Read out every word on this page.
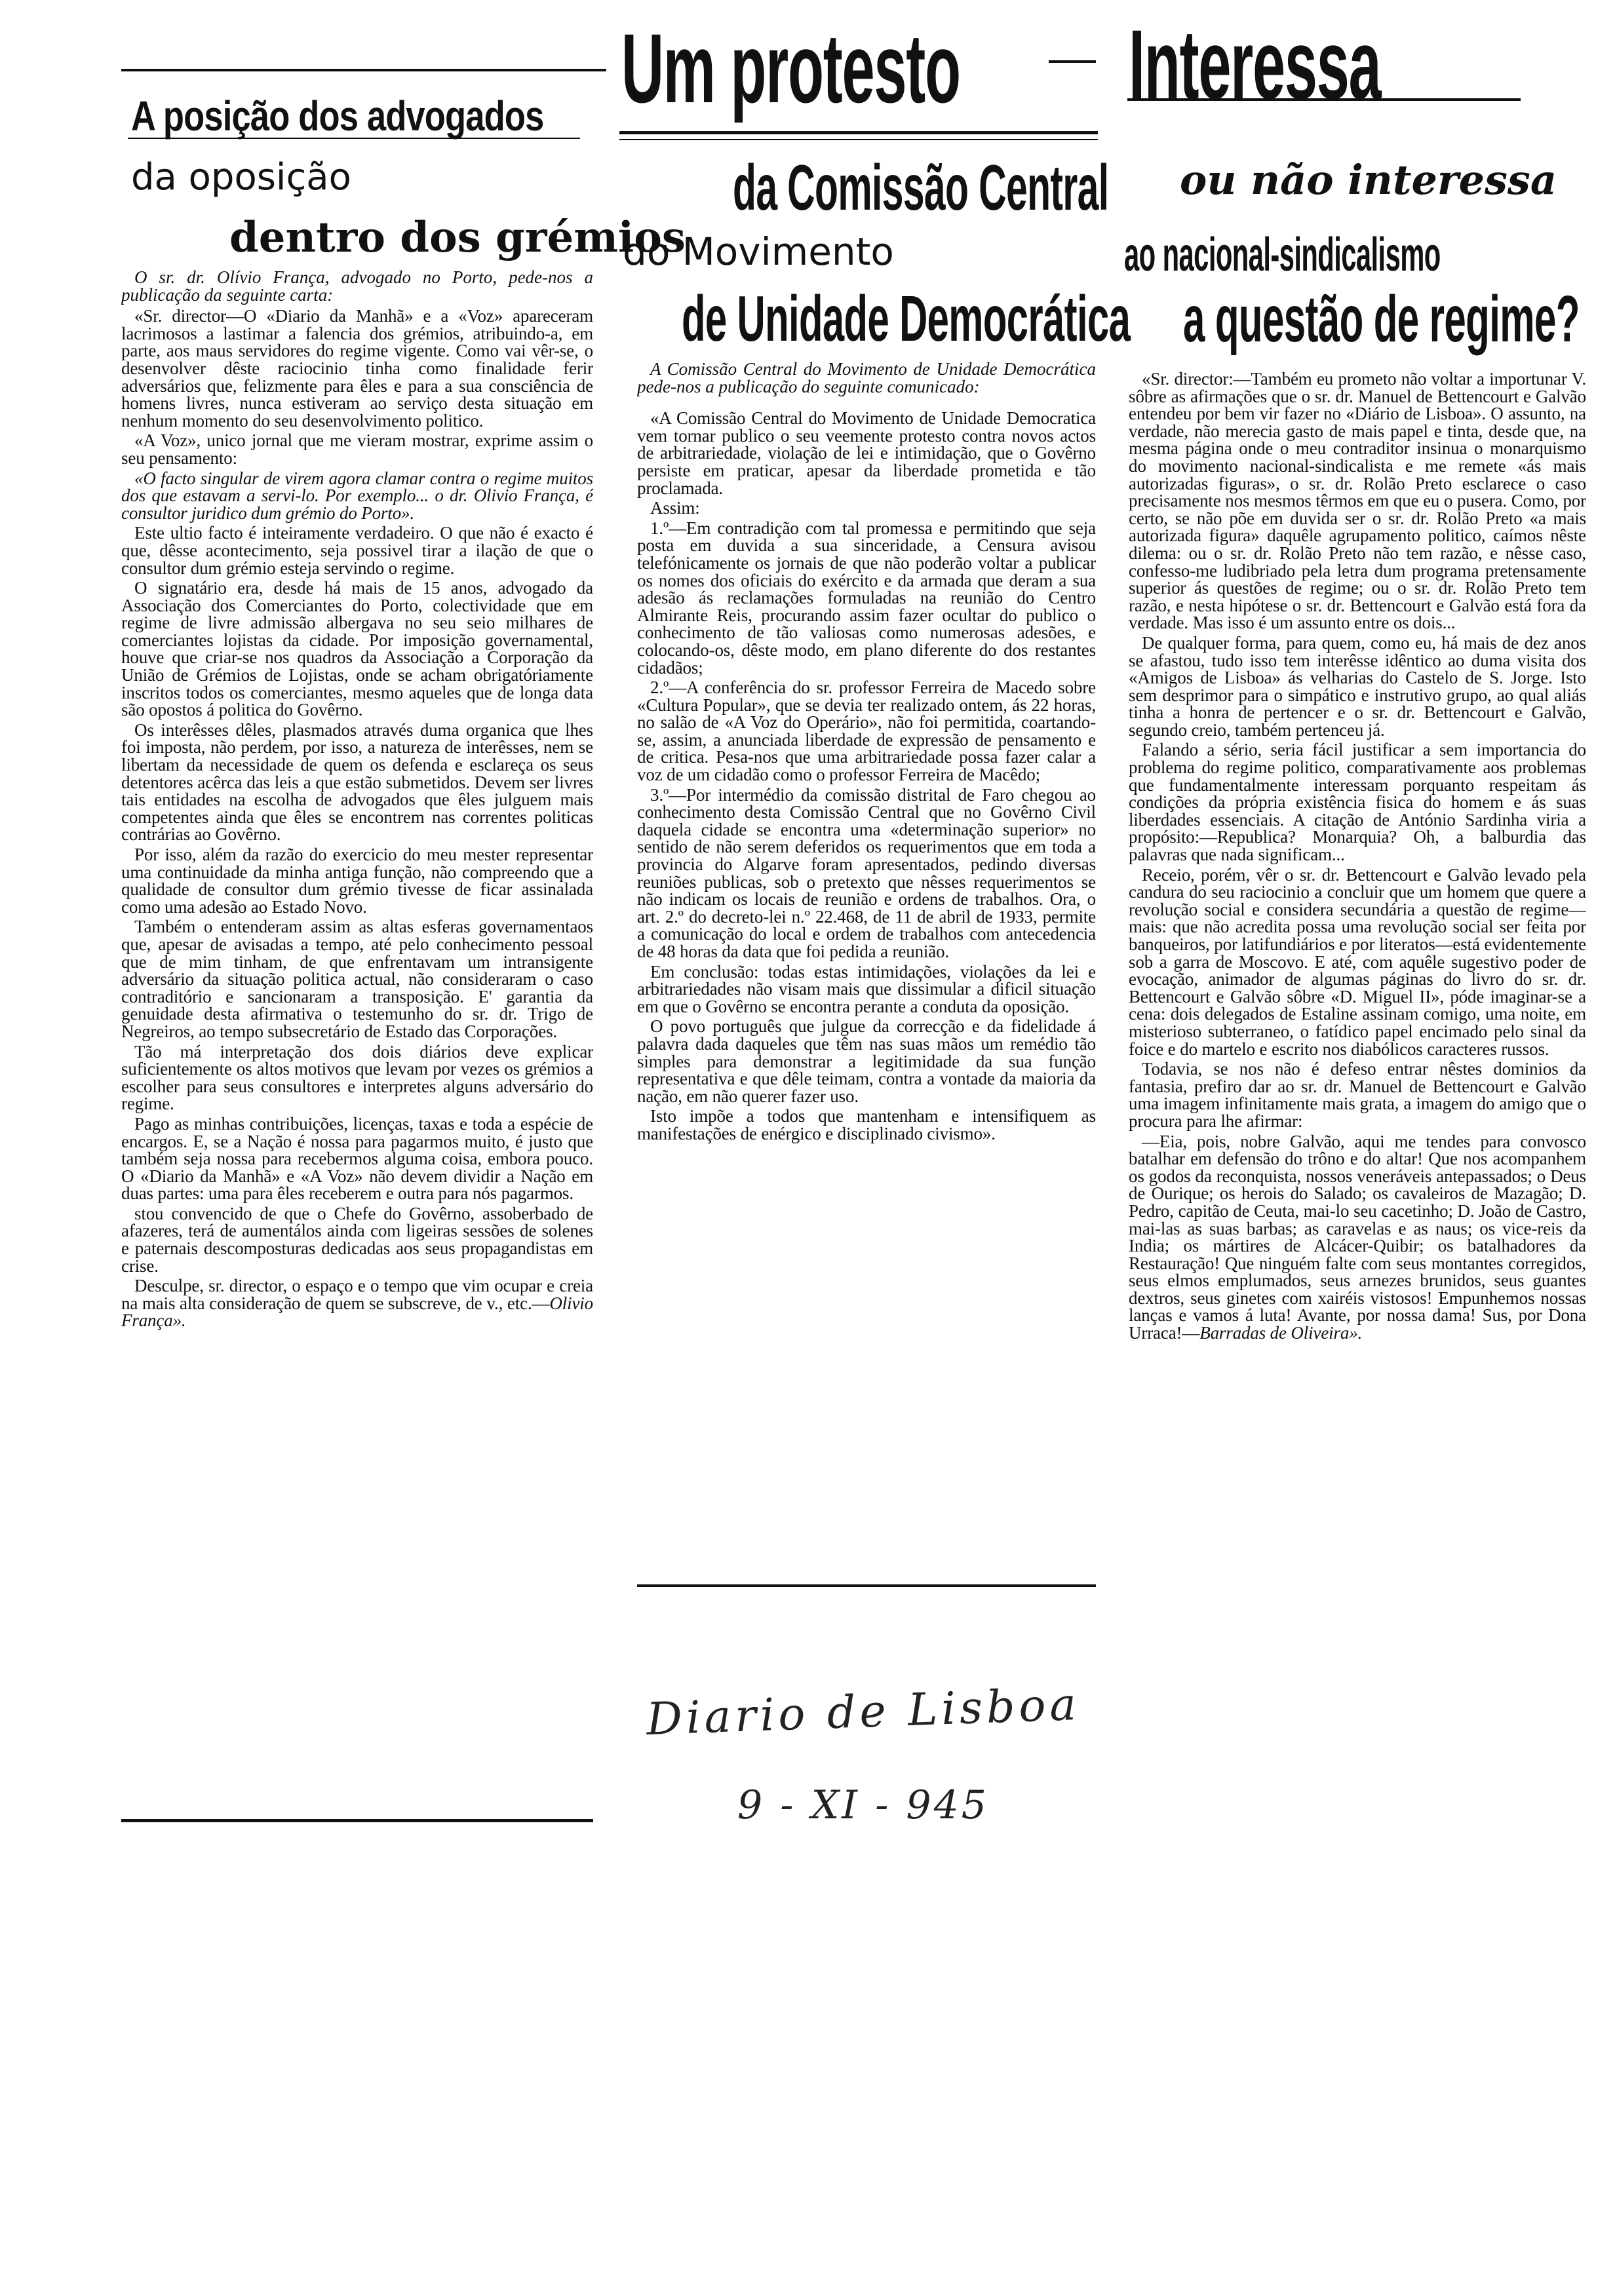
A posição dos advogados
da oposição
dentro dos grémios

O sr. dr. Olívio França, advogado no Porto, pede-nos a publicação da seguinte carta:

«Sr. director—O «Diario da Manhã» e a «Voz» apareceram lacrimosos a lastimar a falencia dos grémios, atribuindo-a, em parte, aos maus servidores do regime vigente. Como vai vêr-se, o desenvolver dêste raciocinio tinha como finalidade ferir adversários que, felizmente para êles e para a sua consciência de homens livres, nunca estiveram ao serviço desta situação em nenhum momento do seu desenvolvimento politico.

«A Voz», unico jornal que me vieram mostrar, exprime assim o seu pensamento:

«O facto singular de virem agora clamar contra o regime muitos dos que estavam a servi-lo. Por exemplo... o dr. Olivio França, é consultor juridico dum grémio do Porto».

Este ultio facto é inteiramente verdadeiro. O que não é exacto é que, dêsse acontecimento, seja possivel tirar a ilação de que o consultor dum grémio esteja servindo o regime.

O signatário era, desde há mais de 15 anos, advogado da Associação dos Comerciantes do Porto, colectividade que em regime de livre admissão albergava no seu seio milhares de comerciantes lojistas da cidade. Por imposição governamental, houve que criar-se nos quadros da Associação a Corporação da União de Grémios de Lojistas, onde se acham obrigatóriamente inscritos todos os comerciantes, mesmo aqueles que de longa data são opostos á politica do Govêrno.

Os interêsses dêles, plasmados através duma organica que lhes foi imposta, não perdem, por isso, a natureza de interêsses, nem se libertam da necessidade de quem os defenda e esclareça os seus detentores acêrca das leis a que estão submetidos. Devem ser livres tais entidades na escolha de advogados que êles julguem mais competentes ainda que êles se encontrem nas correntes politicas contrárias ao Govêrno.

Por isso, além da razão do exercicio do meu mester representar uma continuidade da minha antiga função, não compreendo que a qualidade de consultor dum grémio tivesse de ficar assinalada como uma adesão ao Estado Novo.

Também o entenderam assim as altas esferas governamentaos que, apesar de avisadas a tempo, até pelo conhecimento pessoal que de mim tinham, de que enfrentavam um intransigente adversário da situação politica actual, não consideraram o caso contraditório e sancionaram a transposição. E' garantia da genuidade desta afirmativa o testemunho do sr. dr. Trigo de Negreiros, ao tempo subsecretário de Estado das Corporações.

Tão má interpretação dos dois diários deve explicar suficientemente os altos motivos que levam por vezes os grémios a escolher para seus consultores e interpretes alguns adversário do regime.

Pago as minhas contribuições, licenças, taxas e toda a espécie de encargos. E, se a Nação é nossa para pagarmos muito, é justo que também seja nossa para recebermos alguma coisa, embora pouco. O «Diario da Manhã» e «A Voz» não devem dividir a Nação em duas partes: uma para êles receberem e outra para nós pagarmos.

stou convencido de que o Chefe do Govêrno, assoberbado de afazeres, terá de aumentálos ainda com ligeiras sessões de solenes e paternais descomposturas dedicadas aos seus propagandistas em crise.

Desculpe, sr. director, o espaço e o tempo que vim ocupar e creia na mais alta consideração de quem se subscreve, de v., etc.—Olivio França».

Um protesto
da Comissão Central
do Movimento
de Unidade Democrática

A Comissão Central do Movimento de Unidade Democrática pede-nos a publicação do seguinte comunicado:

«A Comissão Central do Movimento de Unidade Democratica vem tornar publico o seu veemente protesto contra novos actos de arbitrariedade, violação de lei e intimidação, que o Govêrno persiste em praticar, apesar da liberdade prometida e tão proclamada.

Assim:

1.º—Em contradição com tal promessa e permitindo que seja posta em duvida a sua sinceridade, a Censura avisou telefónicamente os jornais de que não poderão voltar a publicar os nomes dos oficiais do exército e da armada que deram a sua adesão ás reclamações formuladas na reunião do Centro Almirante Reis, procurando assim fazer ocultar do publico o conhecimento de tão valiosas como numerosas adesões, e colocando-os, dêste modo, em plano diferente do dos restantes cidadãos;

2.º—A conferência do sr. professor Ferreira de Macedo sobre «Cultura Popular», que se devia ter realizado ontem, ás 22 horas, no salão de «A Voz do Operário», não foi permitida, coartando-se, assim, a anunciada liberdade de expressão de pensamento e de critica. Pesa-nos que uma arbitrariedade possa fazer calar a voz de um cidadão como o professor Ferreira de Macêdo;

3.º—Por intermédio da comissão distrital de Faro chegou ao conhecimento desta Comissão Central que no Govêrno Civil daquela cidade se encontra uma «determinação superior» no sentido de não serem deferidos os requerimentos que em toda a provincia do Algarve foram apresentados, pedindo diversas reuniões publicas, sob o pretexto que nêsses requerimentos se não indicam os locais de reunião e ordens de trabalhos. Ora, o art. 2.º do decreto-lei n.º 22.468, de 11 de abril de 1933, permite a comunicação do local e ordem de trabalhos com antecedencia de 48 horas da data que foi pedida a reunião.

Em conclusão: todas estas intimidações, violações da lei e arbitrariedades não visam mais que dissimular a dificil situação em que o Govêrno se encontra perante a conduta da oposição.

O povo português que julgue da correcção e da fidelidade á palavra dada daqueles que têm nas suas mãos um remédio tão simples para demonstrar a legitimidade da sua função representativa e que dêle teimam, contra a vontade da maioria da nação, em não querer fazer uso.

Isto impõe a todos que mantenham e intensifiquem as manifestações de enérgico e disciplinado civismo».

Diario de Lisboa
9 - XI - 945
Interessa
ou não interessa
ao nacional-sindicalismo
a questão de regime?

«Sr. director:—Também eu prometo não voltar a importunar V. sôbre as afirmações que o sr. dr. Manuel de Bettencourt e Galvão entendeu por bem vir fazer no «Diário de Lisboa». O assunto, na verdade, não merecia gasto de mais papel e tinta, desde que, na mesma página onde o meu contraditor insinua o monarquismo do movimento nacional-sindicalista e me remete «ás mais autorizadas figuras», o sr. dr. Rolão Preto esclarece o caso precisamente nos mesmos têrmos em que eu o pusera. Como, por certo, se não põe em duvida ser o sr. dr. Rolão Preto «a mais autorizada figura» daquêle agrupamento politico, caímos nêste dilema: ou o sr. dr. Rolão Preto não tem razão, e nêsse caso, confesso-me ludibriado pela letra dum programa pretensamente superior ás questões de regime; ou o sr. dr. Rolão Preto tem razão, e nesta hipótese o sr. dr. Bettencourt e Galvão está fora da verdade. Mas isso é um assunto entre os dois...

De qualquer forma, para quem, como eu, há mais de dez anos se afastou, tudo isso tem interêsse idêntico ao duma visita dos «Amigos de Lisboa» ás velharias do Castelo de S. Jorge. Isto sem desprimor para o simpático e instrutivo grupo, ao qual aliás tinha a honra de pertencer e o sr. dr. Bettencourt e Galvão, segundo creio, também pertenceu já.

Falando a sério, seria fácil justificar a sem importancia do problema do regime politico, comparativamente aos problemas que fundamentalmente interessam porquanto respeitam ás condições da própria existência fisica do homem e ás suas liberdades essenciais. A citação de António Sardinha viria a propósito:—Republica? Monarquia? Oh, a balburdia das palavras que nada significam...

Receio, porém, vêr o sr. dr. Bettencourt e Galvão levado pela candura do seu raciocinio a concluir que um homem que quere a revolução social e considera secundária a questão de regime—mais: que não acredita possa uma revolução social ser feita por banqueiros, por latifundiários e por literatos—está evidentemente sob a garra de Moscovo. E até, com aquêle sugestivo poder de evocação, animador de algumas páginas do livro do sr. dr. Bettencourt e Galvão sôbre «D. Miguel II», póde imaginar-se a cena: dois delegados de Estaline assinam comigo, uma noite, em misterioso subterraneo, o fatídico papel encimado pelo sinal da foice e do martelo e escrito nos diabólicos caracteres russos.

Todavia, se nos não é defeso entrar nêstes dominios da fantasia, prefiro dar ao sr. dr. Manuel de Bettencourt e Galvão uma imagem infinitamente mais grata, a imagem do amigo que o procura para lhe afirmar:

—Eia, pois, nobre Galvão, aqui me tendes para convosco batalhar em defensão do trôno e do altar! Que nos acompanhem os godos da reconquista, nossos veneráveis antepassados; o Deus de Ourique; os herois do Salado; os cavaleiros de Mazagão; D. Pedro, capitão de Ceuta, mai-lo seu cacetinho; D. João de Castro, mai-las as suas barbas; as caravelas e as naus; os vice-reis da India; os mártires de Alcácer-Quibir; os batalhadores da Restauração! Que ninguém falte com seus montantes corregidos, seus elmos emplumados, seus arnezes brunidos, seus guantes dextros, seus ginetes com xairéis vistosos! Empunhemos nossas lanças e vamos á luta! Avante, por nossa dama! Sus, por Dona Urraca!—Barradas de Oliveira».
